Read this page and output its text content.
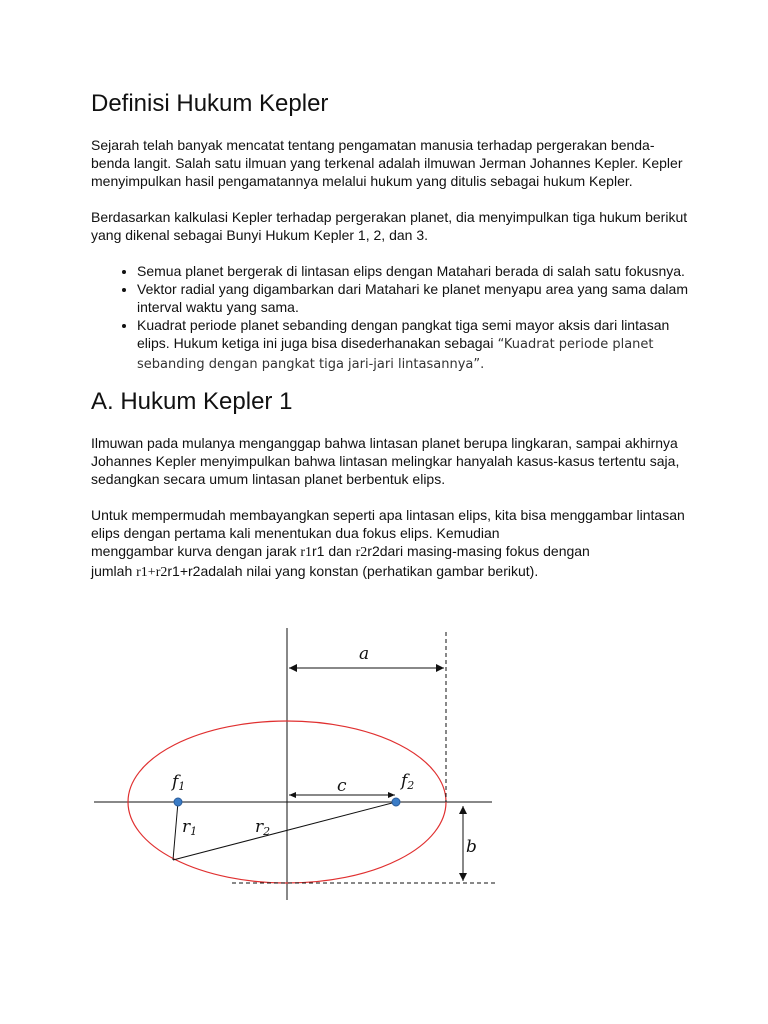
Definisi Hukum Kepler

Sejarah telah banyak mencatat tentang pengamatan manusia terhadap pergerakan benda-benda langit. Salah satu ilmuan yang terkenal adalah ilmuwan Jerman Johannes Kepler. Kepler menyimpulkan hasil pengamatannya melalui hukum yang ditulis sebagai hukum Kepler.

Berdasarkan kalkulasi Kepler terhadap pergerakan planet, dia menyimpulkan tiga hukum berikut yang dikenal sebagai Bunyi Hukum Kepler 1, 2, dan 3.

• Semua planet bergerak di lintasan elips dengan Matahari berada di salah satu fokusnya.
• Vektor radial yang digambarkan dari Matahari ke planet menyapu area yang sama dalam interval waktu yang sama.
• Kuadrat periode planet sebanding dengan pangkat tiga semi mayor aksis dari lintasan elips. Hukum ketiga ini juga bisa disederhanakan sebagai “Kuadrat periode planet sebanding dengan pangkat tiga jari-jari lintasannya”.
A. Hukum Kepler 1

Ilmuwan pada mulanya menganggap bahwa lintasan planet berupa lingkaran, sampai akhirnya Johannes Kepler menyimpulkan bahwa lintasan melingkar hanyalah kasus-kasus tertentu saja, sedangkan secara umum lintasan planet berbentuk elips.

Untuk mempermudah membayangkan seperti apa lintasan elips, kita bisa menggambar lintasan elips dengan pertama kali menentukan dua fokus elips. Kemudian
menggambar kurva dengan jarak r1r1 dan r2r2dari masing-masing fokus dengan
jumlah r1+r2r1+r2adalah nilai yang konstan (perhatikan gambar berikut).

a
c
b
f1	f2
r1	r2
